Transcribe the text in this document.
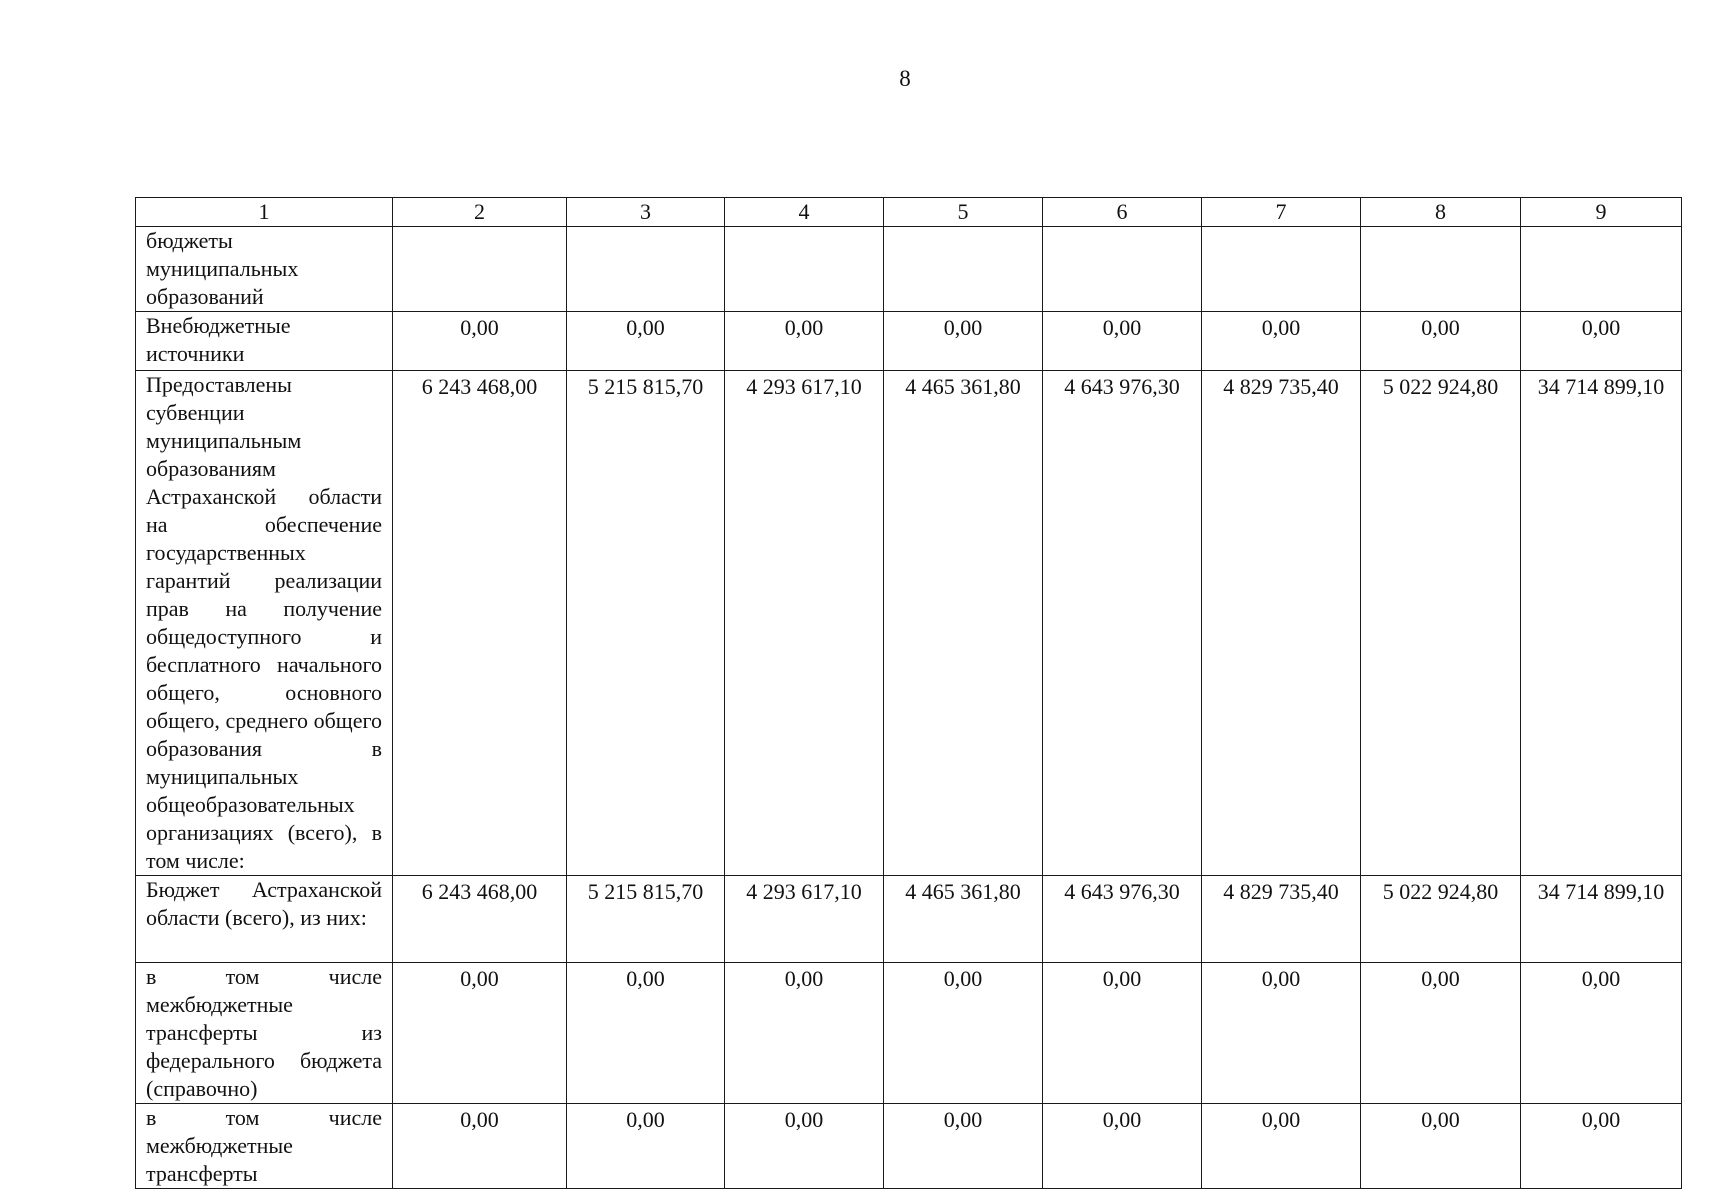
8
1	2	3	4	5	6	7	8	9
бюджеты муниципальных образований								
Внебюджетные источники	0,00	0,00	0,00	0,00	0,00	0,00	0,00	0,00
Предоставлены субвенции муниципальным образованиям Астраханской области на обеспечение государственных гарантий реализации прав на получение общедоступного и бесплатного начального общего, основного общего, среднего общего образования в муниципальных общеобразовательных организациях (всего), в том числе:	6 243 468,00	5 215 815,70	4 293 617,10	4 465 361,80	4 643 976,30	4 829 735,40	5 022 924,80	34 714 899,10
Бюджет Астраханской области (всего), из них:	6 243 468,00	5 215 815,70	4 293 617,10	4 465 361,80	4 643 976,30	4 829 735,40	5 022 924,80	34 714 899,10
в том числе межбюджетные трансферты из федерального бюджета (справочно)	0,00	0,00	0,00	0,00	0,00	0,00	0,00	0,00
в том числе межбюджетные трансферты	0,00	0,00	0,00	0,00	0,00	0,00	0,00	0,00
